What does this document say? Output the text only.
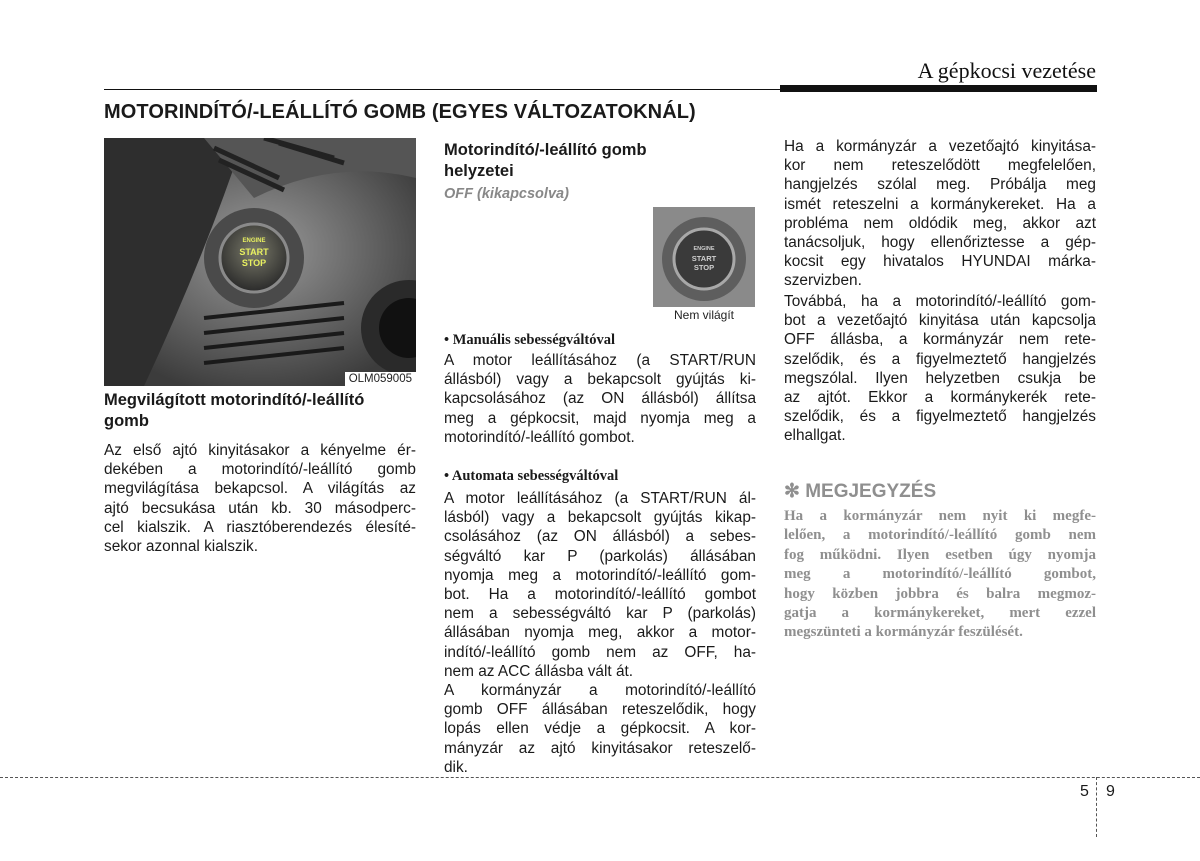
A gépkocsi vezetése
MOTORINDÍTÓ/-LEÁLLÍTÓ GOMB (EGYES VÁLTOZATOKNÁL)
ENGINE
START
STOP
OLM059005
Megvilágított motorindító/-leállító
gomb
Az első ajtó kinyitásakor a kényelme ér-
dekében a motorindító/-leállító gomb
megvilágítása bekapcsol. A világítás az
ajtó becsukása után kb. 30 másodperc-
cel kialszik. A riasztóberendezés élesíté-
sekor azonnal kialszik.
Motorindító/-leállító gomb
helyzetei
OFF (kikapcsolva)
ENGINE
START
STOP
Nem világít
• Manuális sebességváltóval
A motor leállításához (a START/RUN
állásból) vagy a bekapcsolt gyújtás ki-
kapcsolásához (az ON állásból) állítsa
meg a gépkocsit, majd nyomja meg a
motorindító/-leállító gombot.
• Automata sebességváltóval
A motor leállításához (a START/RUN ál-
lásból) vagy a bekapcsolt gyújtás kikap-
csolásához (az ON állásból) a sebes-
ségváltó kar P (parkolás) állásában
nyomja meg a motorindító/-leállító gom-
bot. Ha a motorindító/-leállító gombot
nem a sebességváltó kar P (parkolás)
állásában nyomja meg, akkor a motor-
indító/-leállító gomb nem az OFF, ha-
nem az ACC állásba vált át.
A kormányzár a motorindító/-leállító
gomb OFF állásában reteszelődik, hogy
lopás ellen védje a gépkocsit. A kor-
mányzár az ajtó kinyitásakor reteszelő-
dik.
Ha a kormányzár a vezetőajtó kinyitása-
kor nem reteszelődött megfelelően,
hangjelzés szólal meg. Próbálja meg
ismét reteszelni a kormánykereket. Ha a
probléma nem oldódik meg, akkor azt
tanácsoljuk, hogy ellenőriztesse a gép-
kocsit egy hivatalos HYUNDAI márka-
szervizben.
Továbbá, ha a motorindító/-leállító gom-
bot a vezetőajtó kinyitása után kapcsolja
OFF állásba, a kormányzár nem rete-
szelődik, és a figyelmeztető hangjelzés
megszólal. Ilyen helyzetben csukja be
az ajtót. Ekkor a kormánykerék rete-
szelődik, és a figyelmeztető hangjelzés
elhallgat.
✻ MEGJEGYZÉS
Ha a kormányzár nem nyit ki megfe-
lelően, a motorindító/-leállító gomb nem
fog működni. Ilyen esetben úgy nyomja
meg a motorindító/-leállító gombot,
hogy közben jobbra és balra megmoz-
gatja a kormánykereket, mert ezzel
megszünteti a kormányzár feszülését.
5 9
